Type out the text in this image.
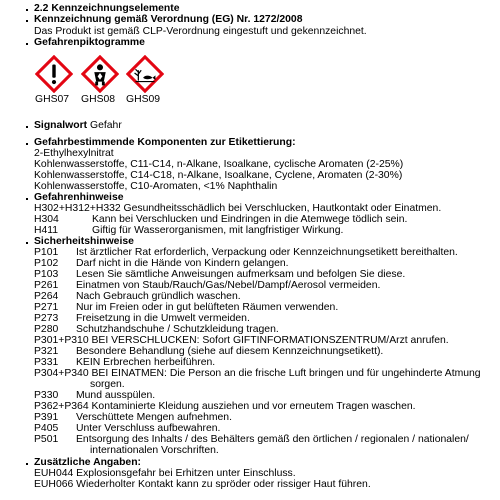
2.2 Kennzeichnungselemente
Kennzeichnung gemäß Verordnung (EG) Nr. 1272/2008
Das Produkt ist gemäß CLP-Verordnung eingestuft und gekennzeichnet.
Gefahrenpiktogramme
GHS07 GHS08 GHS09
Signalwort Gefahr
Gefahrbestimmende Komponenten zur Etikettierung:
2-Ethylhexylnitrat
Kohlenwasserstoffe, C11-C14, n-Alkane, Isoalkane, cyclische Aromaten (2-25%)
Kohlenwasserstoffe, C14-C18, n-Alkane, Isoalkane, Cyclene, Aromaten (2-30%)
Kohlenwasserstoffe, C10-Aromaten, <1% Naphthalin
Gefahrenhinweise
H302+H312+H332 Gesundheitsschädlich bei Verschlucken, Hautkontakt oder Einatmen.
H304	Kann bei Verschlucken und Eindringen in die Atemwege tödlich sein.
H411	Giftig für Wasserorganismen, mit langfristiger Wirkung.
Sicherheitshinweise
P101 Ist ärztlicher Rat erforderlich, Verpackung oder Kennzeichnungsetikett bereithalten.
P102 Darf nicht in die Hände von Kindern gelangen.
P103 Lesen Sie sämtliche Anweisungen aufmerksam und befolgen Sie diese.
P261 Einatmen von Staub/Rauch/Gas/Nebel/Dampf/Aerosol vermeiden.
P264 Nach Gebrauch gründlich waschen.
P271 Nur im Freien oder in gut belüfteten Räumen verwenden.
P273 Freisetzung in die Umwelt vermeiden.
P280 Schutzhandschuhe / Schutzkleidung tragen.
P301+P310 BEI VERSCHLUCKEN: Sofort GIFTINFORMATIONSZENTRUM/Arzt anrufen.
P321 Besondere Behandlung (siehe auf diesem Kennzeichnungsetikett).
P331 KEIN Erbrechen herbeiführen.
P304+P340 BEI EINATMEN: Die Person an die frische Luft bringen und für ungehinderte Atmung
sorgen.
P330 Mund ausspülen.
P362+P364 Kontaminierte Kleidung ausziehen und vor erneutem Tragen waschen.
P391 Verschüttete Mengen aufnehmen.
P405 Unter Verschluss aufbewahren.
P501 Entsorgung des Inhalts / des Behälters gemäß den örtlichen / regionalen / nationalen/
internationalen Vorschriften.
Zusätzliche Angaben:
EUH044 Explosionsgefahr bei Erhitzen unter Einschluss.
EUH066 Wiederholter Kontakt kann zu spröder oder rissiger Haut führen.
